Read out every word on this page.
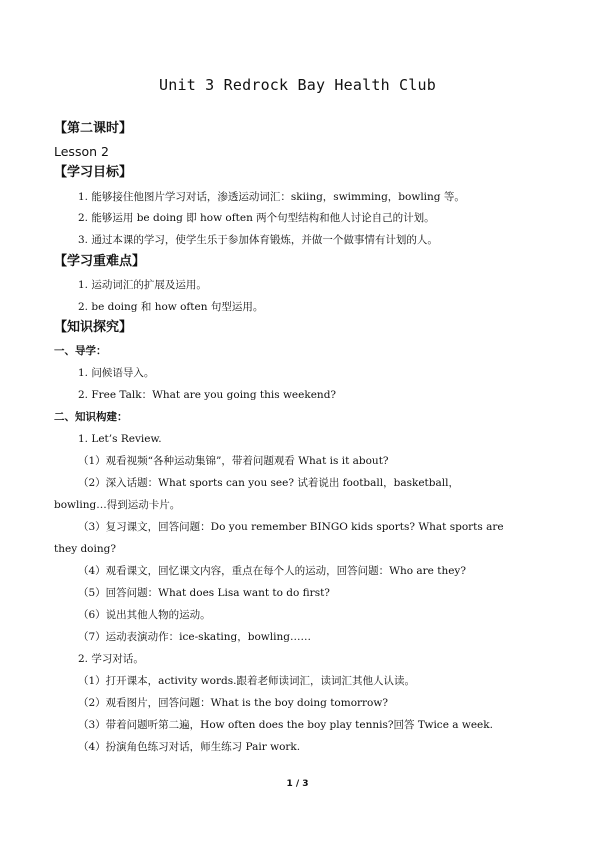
Unit 3 Redrock Bay Health Club
【第二课时】
Lesson 2
【学习目标】
1. 能够接住他图片学习对话，渗透运动词汇：skiing，swimming，bowling 等。
2. 能够运用 be doing 即 how often 两个句型结构和他人讨论自己的计划。
3. 通过本课的学习，使学生乐于参加体育锻炼，并做一个做事情有计划的人。
【学习重难点】
1. 运动词汇的扩展及运用。
2. be doing 和 how often 句型运用。
【知识探究】
一、导学：
1. 问候语导入。
2. Free Talk：What are you going this weekend?
二、知识构建：
1. Let’s Review.
（1）观看视频“各种运动集锦”，带着问题观看 What is it about?
（2）深入话题：What sports can you see? 试着说出 football，basketball，
bowling…得到运动卡片。
（3）复习课文，回答问题：Do you remember BINGO kids sports? What sports are
they doing?
（4）观看课文，回忆课文内容，重点在每个人的运动，回答问题：Who are they?
（5）回答问题：What does Lisa want to do first?
（6）说出其他人物的运动。
（7）运动表演动作：ice-skating，bowling……
2. 学习对话。
（1）打开课本，activity words.跟着老师读词汇，读词汇其他人认读。
（2）观看图片，回答问题：What is the boy doing tomorrow?
（3）带着问题听第二遍，How often does the boy play tennis?回答 Twice a week.
（4）扮演角色练习对话，师生练习 Pair work.
1 / 3
